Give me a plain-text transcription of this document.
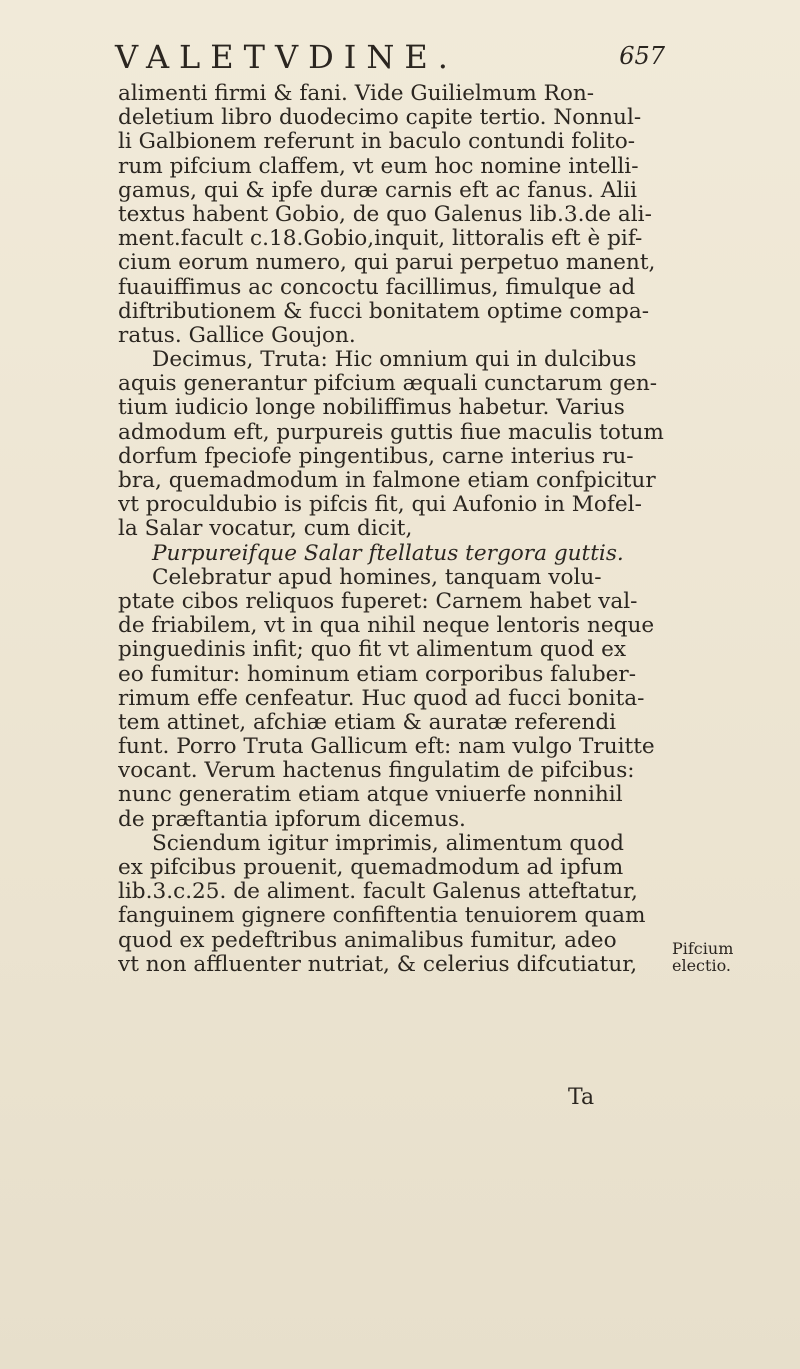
VALETVDINE.	657
alimenti firmi & fani. Vide Guilielmum Ron-
deletium libro duodecimo capite tertio. Nonnul-
li Galbionem referunt in baculo contundi folito-
rum pifcium claffem, vt eum hoc nomine intelli-
gamus, qui & ipfe duræ carnis eft ac fanus. Alii
textus habent Gobio, de quo Galenus lib.3.de ali-
ment.facult c.18.Gobio,inquit, littoralis eft è pif-
cium eorum numero, qui parui perpetuo manent,
fuauiffimus ac concoctu facillimus, fimulque ad
diftributionem & fucci bonitatem optime compa-
ratus. Gallice Goujon.
Decimus, Truta: Hic omnium qui in dulcibus
aquis generantur pifcium æquali cunctarum gen-
tium iudicio longe nobiliffimus habetur. Varius
admodum eft, purpureis guttis fiue maculis totum
dorfum fpeciofe pingentibus, carne interius ru-
bra, quemadmodum in falmone etiam confpicitur
vt proculdubio is pifcis fit, qui Aufonio in Mofel-
la Salar vocatur, cum dicit,
Purpureifque Salar ftellatus tergora guttis.
Celebratur apud homines, tanquam volu-
ptate cibos reliquos fuperet: Carnem habet val-
de friabilem, vt in qua nihil neque lentoris neque
pinguedinis infit; quo fit vt alimentum quod ex
eo fumitur: hominum etiam corporibus faluber-
rimum effe cenfeatur. Huc quod ad fucci bonita-
tem attinet, afchiæ etiam & auratæ referendi
funt. Porro Truta Gallicum eft: nam vulgo Truitte
vocant. Verum hactenus fingulatim de pifcibus:
nunc generatim etiam atque vniuerfe nonnihil
de præftantia ipforum dicemus.
Sciendum igitur imprimis, alimentum quod
ex pifcibus prouenit, quemadmodum ad ipfum
lib.3.c.25. de aliment. facult Galenus atteftatur,
fanguinem gignere confiftentia tenuiorem quam
quod ex pedeftribus animalibus fumitur, adeo
vt non affluenter nutriat, & celerius difcutiatur,
Pifcium
electio.
Ta
